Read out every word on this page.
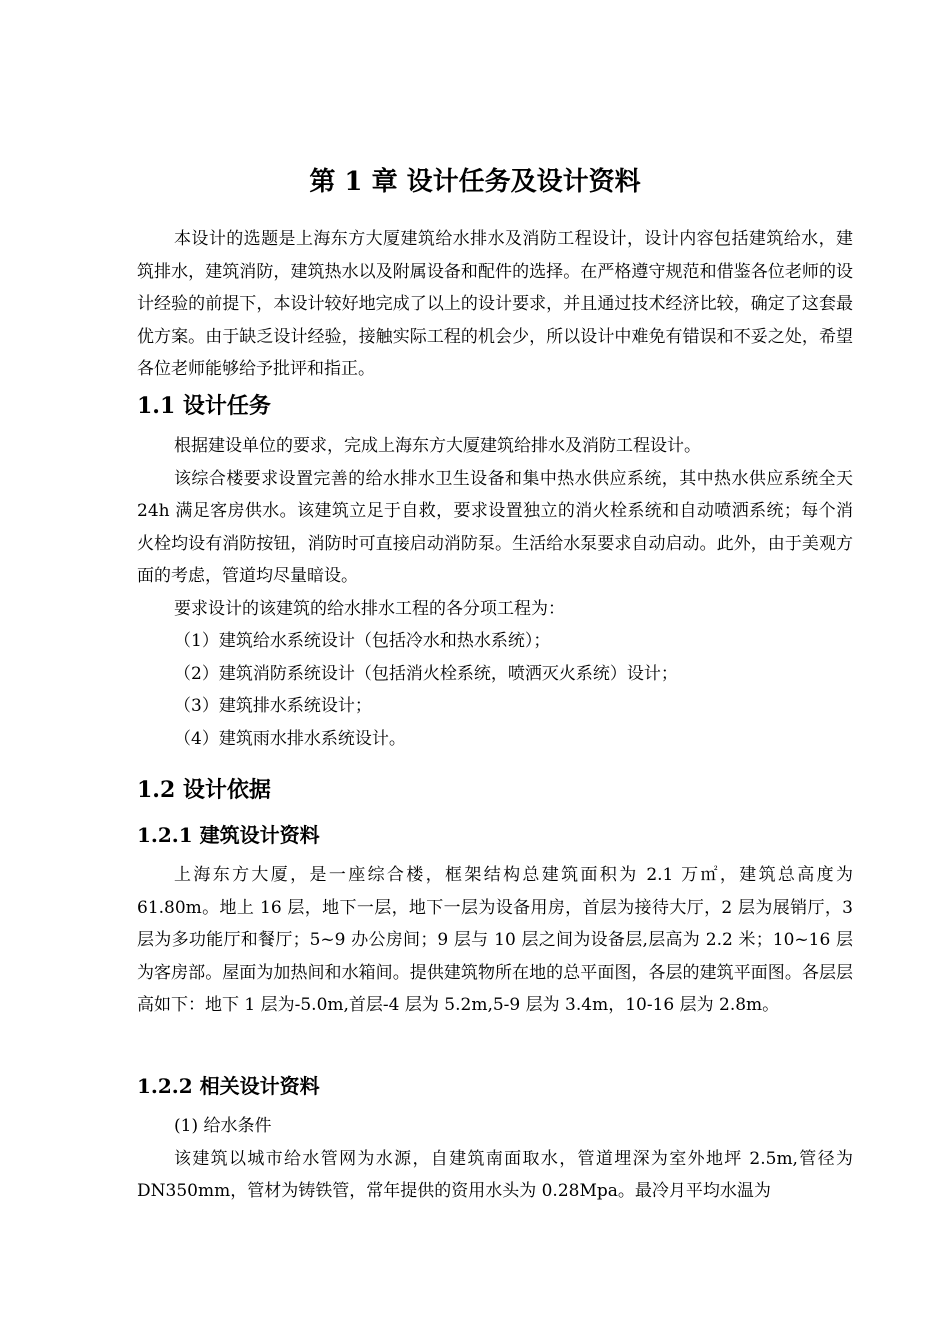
第 1 章 设计任务及设计资料

本设计的选题是上海东方大厦建筑给水排水及消防工程设计，设计内容包括建筑给水，建筑排水，建筑消防，建筑热水以及附属设备和配件的选择。在严格遵守规范和借鉴各位老师的设计经验的前提下，本设计较好地完成了以上的设计要求，并且通过技术经济比较，确定了这套最优方案。由于缺乏设计经验，接触实际工程的机会少，所以设计中难免有错误和不妥之处，希望各位老师能够给予批评和指正。

1.1 设计任务

根据建设单位的要求，完成上海东方大厦建筑给排水及消防工程设计。

该综合楼要求设置完善的给水排水卫生设备和集中热水供应系统，其中热水供应系统全天 24h 满足客房供水。该建筑立足于自救，要求设置独立的消火栓系统和自动喷洒系统；每个消火栓均设有消防按钮，消防时可直接启动消防泵。生活给水泵要求自动启动。此外，由于美观方面的考虑，管道均尽量暗设。

要求设计的该建筑的给水排水工程的各分项工程为：

（1）建筑给水系统设计（包括冷水和热水系统）；

（2）建筑消防系统设计（包括消火栓系统，喷洒灭火系统）设计；

（3）建筑排水系统设计；

（4）建筑雨水排水系统设计。

1.2 设计依据
1.2.1 建筑设计资料

上海东方大厦，是一座综合楼，框架结构总建筑面积为 2.1 万㎡，建筑总高度为 61.80m。地上 16 层，地下一层，地下一层为设备用房，首层为接待大厅，2 层为展销厅，3 层为多功能厅和餐厅；5~9 办公房间；9 层与 10 层之间为设备层,层高为 2.2 米；10~16 层为客房部。屋面为加热间和水箱间。提供建筑物所在地的总平面图，各层的建筑平面图。各层层高如下：地下 1 层为-5.0m,首层-4 层为 5.2m,5-9 层为 3.4m，10-16 层为 2.8m。

1.2.2 相关设计资料

(1) 给水条件

该建筑以城市给水管网为水源，自建筑南面取水，管道埋深为室外地坪 2.5m,管径为 DN350mm，管材为铸铁管，常年提供的资用水头为 0.28Mpa。最冷月平均水温为
